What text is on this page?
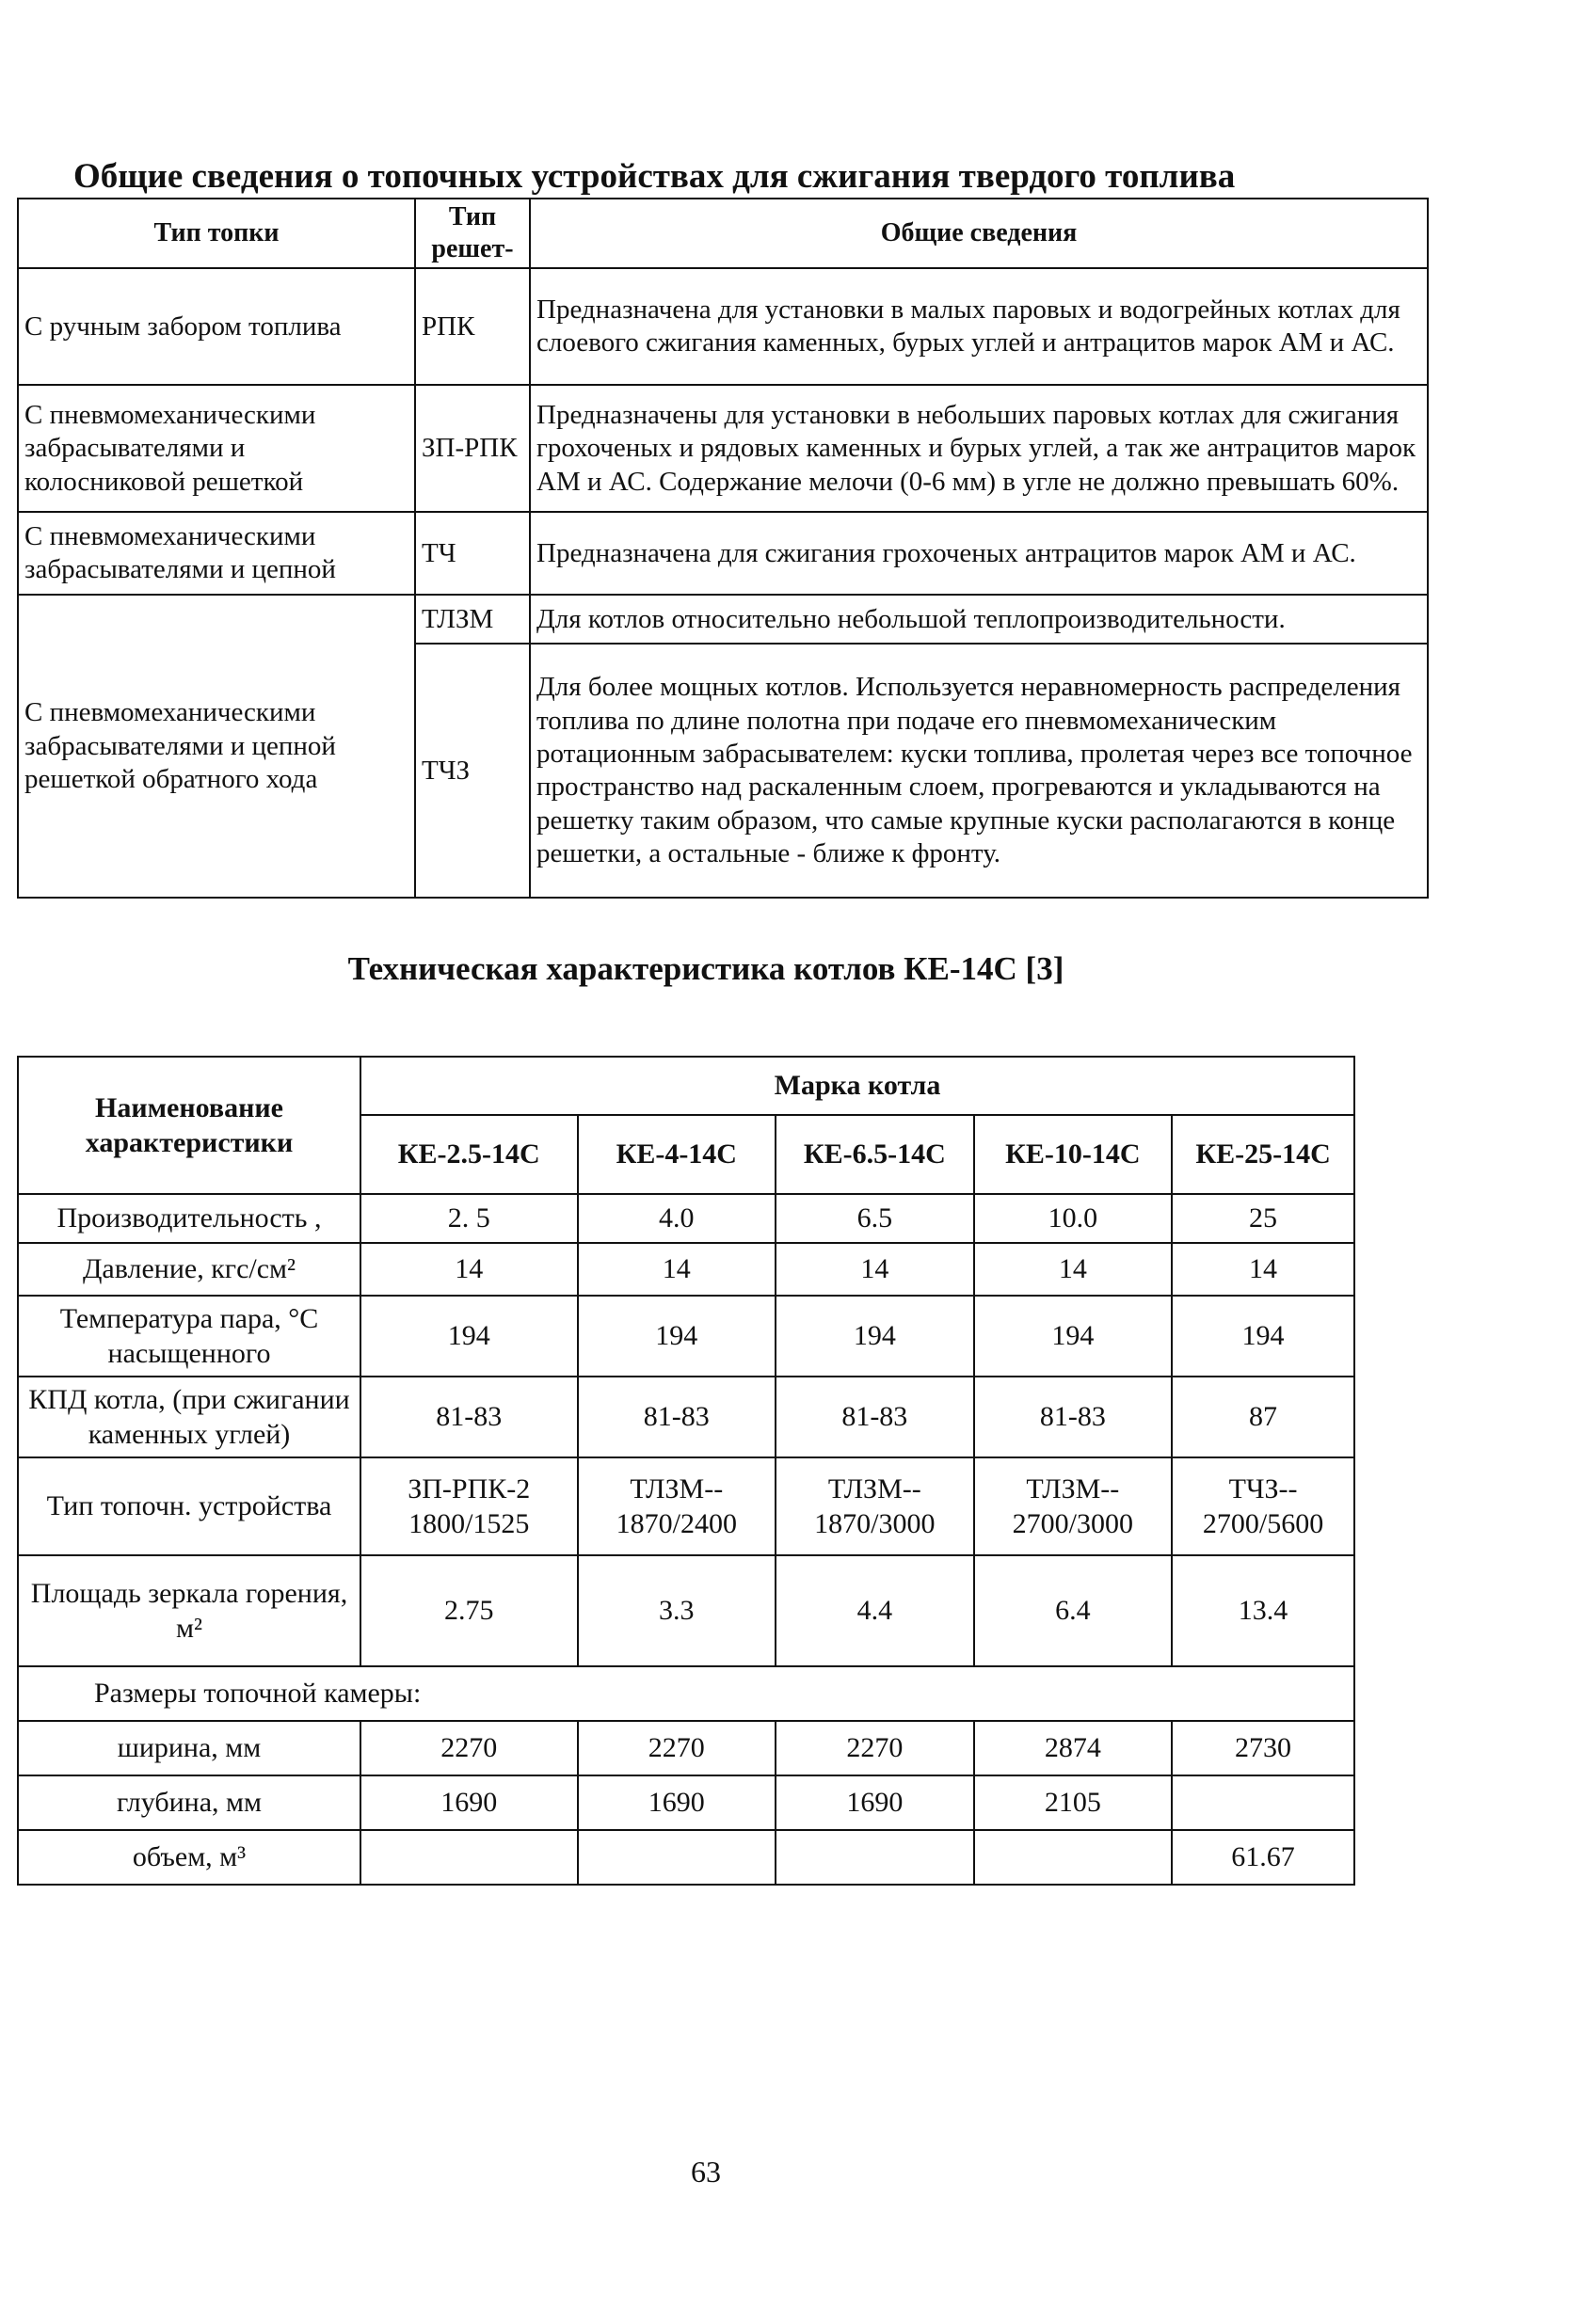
Общие сведения о топочных устройствах для сжигания твердого топлива
Тип топки	Тип решет-	Общие сведения
С ручным забором топлива	РПК	Предназначена для установки в малых паровых и водогрейных котлах для слоевого сжигания каменных, бурых углей и антрацитов марок АМ и АС.
С пневмомеханическими забрасывателями и колосниковой решеткой	ЗП-РПК	Предназначены для установки в небольших паровых котлах для сжигания грохоченых и рядовых каменных и бурых углей, а так же антрацитов марок АМ и АС. Содержание мелочи (0-6 мм) в угле не должно превышать 60%.
С пневмомеханическими забрасывателями и цепной	ТЧ	Предназначена для сжигания грохоченых антрацитов марок АМ и АС.
С пневмомеханическими забрасывателями и цепной решеткой обратного хода	ТЛЗМ	Для котлов относительно небольшой теплопроизводительности.
	ТЧЗ	Для более мощных котлов. Используется неравномерность распределения топлива по длине полотна при подаче его пневмомеханическим ротационным забрасывателем: куски топлива, пролетая через все топочное пространство над раскаленным слоем, прогреваются и укладываются на решетку таким образом, что самые крупные куски располагаются в конце решетки, а остальные - ближе к фронту.
Техническая характеристика котлов КЕ-14С [3]
Наименование характеристики	Марка котла				
	КЕ-2.5-14С	КЕ-4-14С	КЕ-6.5-14С	КЕ-10-14С	КЕ-25-14С
Производительность ,	2. 5	4.0	6.5	10.0	25
Давление, кгс/см²	14	14	14	14	14
Температура пара, °С насыщенного	194	194	194	194	194
КПД котла, (при сжигании каменных углей)	81-83	81-83	81-83	81-83	87
Тип топочн. устройства	ЗП-РПК-2 1800/1525	ТЛЗМ-- 1870/2400	ТЛЗМ-- 1870/3000	ТЛЗМ-- 2700/3000	ТЧЗ-- 2700/5600
Площадь зеркала горения, м²	2.75	3.3	4.4	6.4	13.4
Размеры топочной камеры:					
ширина, мм	2270	2270	2270	2874	2730
глубина, мм	1690	1690	1690	2105	
объем, м³					61.67
63
